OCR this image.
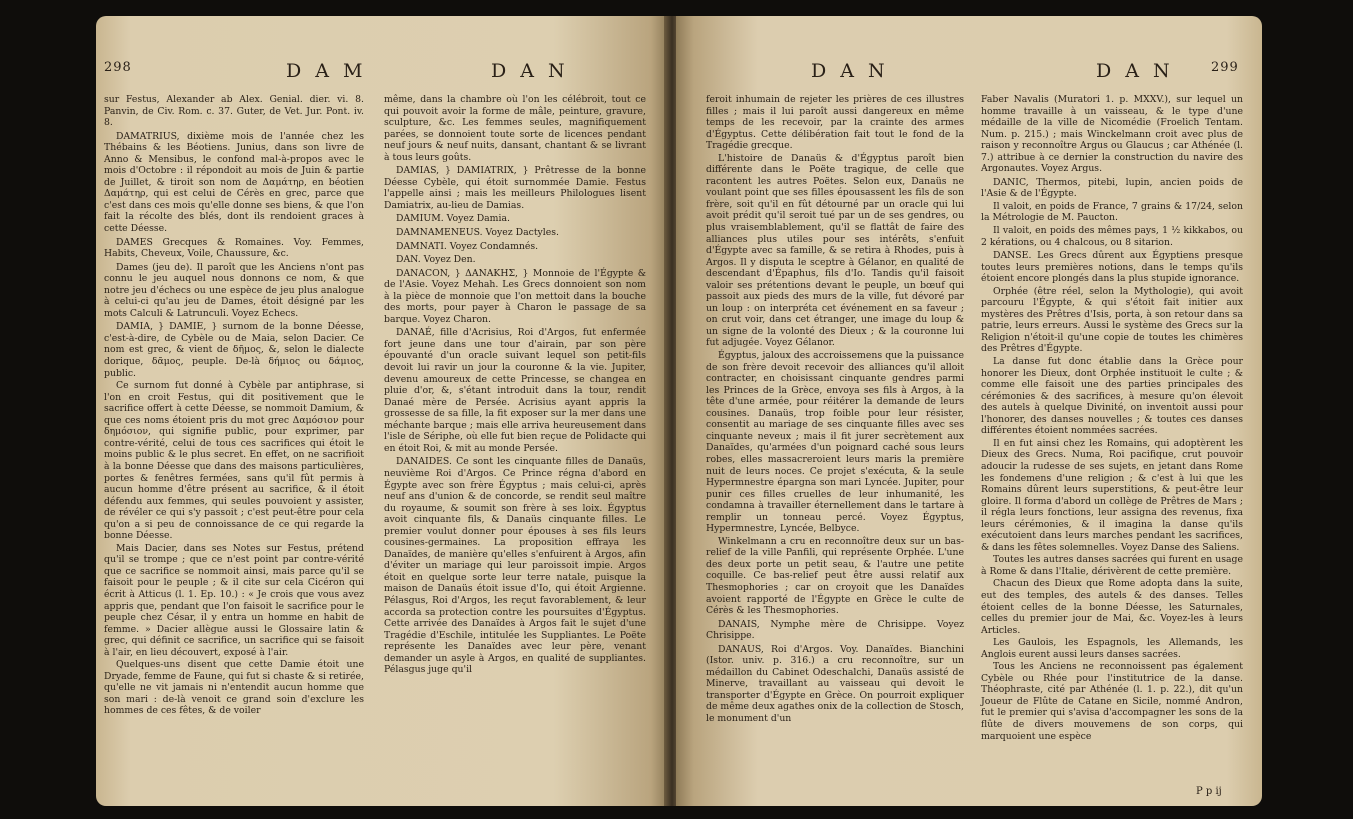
298	D A M	D A N

sur Festus, Alexander ab Alex. Genial. dier. vi. 8. Panvin, de Civ. Rom. c. 37. Guter, de Vet. Jur. Pont. iv. 8.

DAMATRIUS, dixième mois de l'année chez les Thébains & les Béotiens. Junius, dans son livre de Anno & Mensibus, le confond mal-à-propos avec le mois d'Octobre : il répondoit au mois de Juin & partie de Juillet, & tiroit son nom de Δαμάτηρ, en béotien Δαμάτηρ, qui est celui de Cérès en grec, parce que c'est dans ces mois qu'elle donne ses biens, & que l'on fait la récolte des blés, dont ils rendoient graces à cette Déesse.

DAMES Grecques & Romaines. Voy. Femmes, Habits, Cheveux, Voile, Chaussure, &c.

Dames (jeu de). Il paroît que les Anciens n'ont pas connu le jeu auquel nous donnons ce nom, & que notre jeu d'échecs ou une espèce de jeu plus analogue à celui-ci qu'au jeu de Dames, étoit désigné par les mots Calculi & Latrunculi. Voyez Echecs.

DAMIA, } DAMIE, } surnom de la bonne Déesse, c'est-à-dire, de Cybèle ou de Maia, selon Dacier. Ce nom est grec, & vient de δῆμος, &, selon le dialecte dorique, δᾶμος, peuple. De-là δήμιος ou δάμιος, public.

Ce surnom fut donné à Cybèle par antiphrase, si l'on en croit Festus, qui dit positivement que le sacrifice offert à cette Déesse, se nommoit Damium, & que ces noms étoient pris du mot grec Δαμόσιον pour δημόσιον, qui signifie public, pour exprimer, par contre-vérité, celui de tous ces sacrifices qui étoit le moins public & le plus secret. En effet, on ne sacrifioit à la bonne Déesse que dans des maisons particulières, portes & fenêtres fermées, sans qu'il fût permis à aucun homme d'être présent au sacrifice, & il étoit défendu aux femmes, qui seules pouvoient y assister, de révéler ce qui s'y passoit ; c'est peut-être pour cela qu'on a si peu de connoissance de ce qui regarde la bonne Déesse.

Mais Dacier, dans ses Notes sur Festus, prétend qu'il se trompe ; que ce n'est point par contre-vérité que ce sacrifice se nommoit ainsi, mais parce qu'il se faisoit pour le peuple ; & il cite sur cela Cicéron qui écrit à Atticus (l. 1. Ep. 10.) : « Je crois que vous avez appris que, pendant que l'on faisoit le sacrifice pour le peuple chez César, il y entra un homme en habit de femme. » Dacier allègue aussi le Glossaire latin & grec, qui définit ce sacrifice, un sacrifice qui se faisoit à l'air, en lieu découvert, exposé à l'air.

Quelques-uns disent que cette Damie étoit une Dryade, femme de Faune, qui fut si chaste & si retirée, qu'elle ne vit jamais ni n'entendit aucun homme que son mari : de-là venoit ce grand soin d'exclure les hommes de ces fêtes, & de voiler

même, dans la chambre où l'on les célébroit, tout ce qui pouvoit avoir la forme de mâle, peinture, gravure, sculpture, &c. Les femmes seules, magnifiquement parées, se donnoient toute sorte de licences pendant neuf jours & neuf nuits, dansant, chantant & se livrant à tous leurs goûts.

DAMIAS, } DAMIATRIX, } Prêtresse de la bonne Déesse Cybèle, qui étoit surnommée Damie. Festus l'appelle ainsi ; mais les meilleurs Philologues lisent Damiatrix, au-lieu de Damias.

DAMIUM. Voyez Damia.

DAMNAMENEUS. Voyez Dactyles.

DAMNATI. Voyez Condamnés.

DAN. Voyez Den.

DANACON, } ΔΑΝΑΚΗΣ, } Monnoie de l'Égypte & de l'Asie. Voyez Mehah. Les Grecs donnoient son nom à la pièce de monnoie que l'on mettoit dans la bouche des morts, pour payer à Charon le passage de sa barque. Voyez Charon.

DANAÉ, fille d'Acrisius, Roi d'Argos, fut enfermée fort jeune dans une tour d'airain, par son père épouvanté d'un oracle suivant lequel son petit-fils devoit lui ravir un jour la couronne & la vie. Jupiter, devenu amoureux de cette Princesse, se changea en pluie d'or, &, s'étant introduit dans la tour, rendit Danaé mère de Persée. Acrisius ayant appris la grossesse de sa fille, la fit exposer sur la mer dans une méchante barque ; mais elle arriva heureusement dans l'isle de Sériphe, où elle fut bien reçue de Polidacte qui en étoit Roi, & mit au monde Persée.

DANAIDES. Ce sont les cinquante filles de Danaüs, neuvième Roi d'Argos. Ce Prince régna d'abord en Égypte avec son frère Égyptus ; mais celui-ci, après neuf ans d'union & de concorde, se rendit seul maître du royaume, & soumit son frère à ses loix. Égyptus avoit cinquante fils, & Danaüs cinquante filles. Le premier voulut donner pour épouses à ses fils leurs cousines-germaines. La proposition effraya les Danaïdes, de manière qu'elles s'enfuirent à Argos, afin d'éviter un mariage qui leur paroissoit impie. Argos étoit en quelque sorte leur terre natale, puisque la maison de Danaüs étoit issue d'Io, qui étoit Argienne. Pélasgus, Roi d'Argos, les reçut favorablement, & leur accorda sa protection contre les poursuites d'Égyptus. Cette arrivée des Danaïdes à Argos fait le sujet d'une Tragédie d'Eschile, intitulée les Suppliantes. Le Poëte représente les Danaïdes avec leur père, venant demander un asyle à Argos, en qualité de suppliantes. Pélasgus juge qu'il

D A N	D A N	299

feroit inhumain de rejeter les prières de ces illustres filles ; mais il lui paroît aussi dangereux en même temps de les recevoir, par la crainte des armes d'Égyptus. Cette délibération fait tout le fond de la Tragédie grecque.

L'histoire de Danaüs & d'Égyptus paroît bien différente dans le Poëte tragique, de celle que racontent les autres Poëtes. Selon eux, Danaüs ne voulant point que ses filles épousassent les fils de son frère, soit qu'il en fût détourné par un oracle qui lui avoit prédit qu'il seroit tué par un de ses gendres, ou plus vraisemblablement, qu'il se flattât de faire des alliances plus utiles pour ses intérêts, s'enfuit d'Égypte avec sa famille, & se retira à Rhodes, puis à Argos. Il y disputa le sceptre à Gélanor, en qualité de descendant d'Épaphus, fils d'Io. Tandis qu'il faisoit valoir ses prétentions devant le peuple, un bœuf qui passoit aux pieds des murs de la ville, fut dévoré par un loup : on interpréta cet événement en sa faveur ; on crut voir, dans cet étranger, une image du loup & un signe de la volonté des Dieux ; & la couronne lui fut adjugée. Voyez Gélanor.

Égyptus, jaloux des accroissemens que la puissance de son frère devoit recevoir des alliances qu'il alloit contracter, en choisissant cinquante gendres parmi les Princes de la Grèce, envoya ses fils à Argos, à la tête d'une armée, pour réitérer la demande de leurs cousines. Danaüs, trop foible pour leur résister, consentit au mariage de ses cinquante filles avec ses cinquante neveux ; mais il fit jurer secrètement aux Danaïdes, qu'armées d'un poignard caché sous leurs robes, elles massacreroient leurs maris la première nuit de leurs noces. Ce projet s'exécuta, & la seule Hypermnestre épargna son mari Lyncée. Jupiter, pour punir ces filles cruelles de leur inhumanité, les condamna à travailler éternellement dans le tartare à remplir un tonneau percé. Voyez Égyptus, Hypermnestre, Lyncée, Belbyce.

Winkelmann a cru en reconnoître deux sur un bas-relief de la ville Panfili, qui représente Orphée. L'une des deux porte un petit seau, & l'autre une petite coquille. Ce bas-relief peut être aussi relatif aux Thesmophories ; car on croyoit que les Danaïdes avoient rapporté de l'Égypte en Grèce le culte de Cérès & les Thesmophories.

DANAIS, Nymphe mère de Chrisippe. Voyez Chrisippe.

DANAUS, Roi d'Argos. Voy. Danaïdes. Bianchini (Istor. univ. p. 316.) a cru reconnoître, sur un médaillon du Cabinet Odeschalchi, Danaüs assisté de Minerve, travaillant au vaisseau qui devoit le transporter d'Égypte en Grèce. On pourroit expliquer de même deux agathes onix de la collection de Stosch, le monument d'un

Faber Navalis (Muratori 1. p. MXXV.), sur lequel un homme travaille à un vaisseau, & le type d'une médaille de la ville de Nicomédie (Froelich Tentam. Num. p. 215.) ; mais Winckelmann croit avec plus de raison y reconnoître Argus ou Glaucus ; car Athénée (l. 7.) attribue à ce dernier la construction du navire des Argonautes. Voyez Argus.

DANIC, Thermos, pitebi, lupin, ancien poids de l'Asie & de l'Égypte.

Il valoit, en poids de France, 7 grains & 17/24, selon la Métrologie de M. Paucton.

Il valoit, en poids des mêmes pays, 1 ½ kikkabos, ou 2 kérations, ou 4 chalcous, ou 8 sitarion.

DANSE. Les Grecs dûrent aux Égyptiens presque toutes leurs premières notions, dans le temps qu'ils étoient encore plongés dans la plus stupide ignorance.

Orphée (être réel, selon la Mythologie), qui avoit parcouru l'Égypte, & qui s'étoit fait initier aux mystères des Prêtres d'Isis, porta, à son retour dans sa patrie, leurs erreurs. Aussi le système des Grecs sur la Religion n'étoit-il qu'une copie de toutes les chimères des Prêtres d'Égypte.

La danse fut donc établie dans la Grèce pour honorer les Dieux, dont Orphée instituoit le culte ; & comme elle faisoit une des parties principales des cérémonies & des sacrifices, à mesure qu'on élevoit des autels à quelque Divinité, on inventoit aussi pour l'honorer, des danses nouvelles ; & toutes ces danses différentes étoient nommées sacrées.

Il en fut ainsi chez les Romains, qui adoptèrent les Dieux des Grecs. Numa, Roi pacifique, crut pouvoir adoucir la rudesse de ses sujets, en jetant dans Rome les fondemens d'une religion ; & c'est à lui que les Romains dûrent leurs superstitions, & peut-être leur gloire. Il forma d'abord un collège de Prêtres de Mars ; il régla leurs fonctions, leur assigna des revenus, fixa leurs cérémonies, & il imagina la danse qu'ils exécutoient dans leurs marches pendant les sacrifices, & dans les fêtes solemnelles. Voyez Danse des Saliens.

Toutes les autres danses sacrées qui furent en usage à Rome & dans l'Italie, dérivèrent de cette première.

Chacun des Dieux que Rome adopta dans la suite, eut des temples, des autels & des danses. Telles étoient celles de la bonne Déesse, les Saturnales, celles du premier jour de Mai, &c. Voyez-les à leurs Articles.

Les Gaulois, les Espagnols, les Allemands, les Anglois eurent aussi leurs danses sacrées.

Tous les Anciens ne reconnoissent pas également Cybèle ou Rhée pour l'institutrice de la danse. Théophraste, cité par Athénée (l. 1. p. 22.), dit qu'un Joueur de Flûte de Catane en Sicile, nommé Andron, fut le premier qui s'avisa d'accompagner les sons de la flûte de divers mouvemens de son corps, qui marquoient une espèce

P p ij
